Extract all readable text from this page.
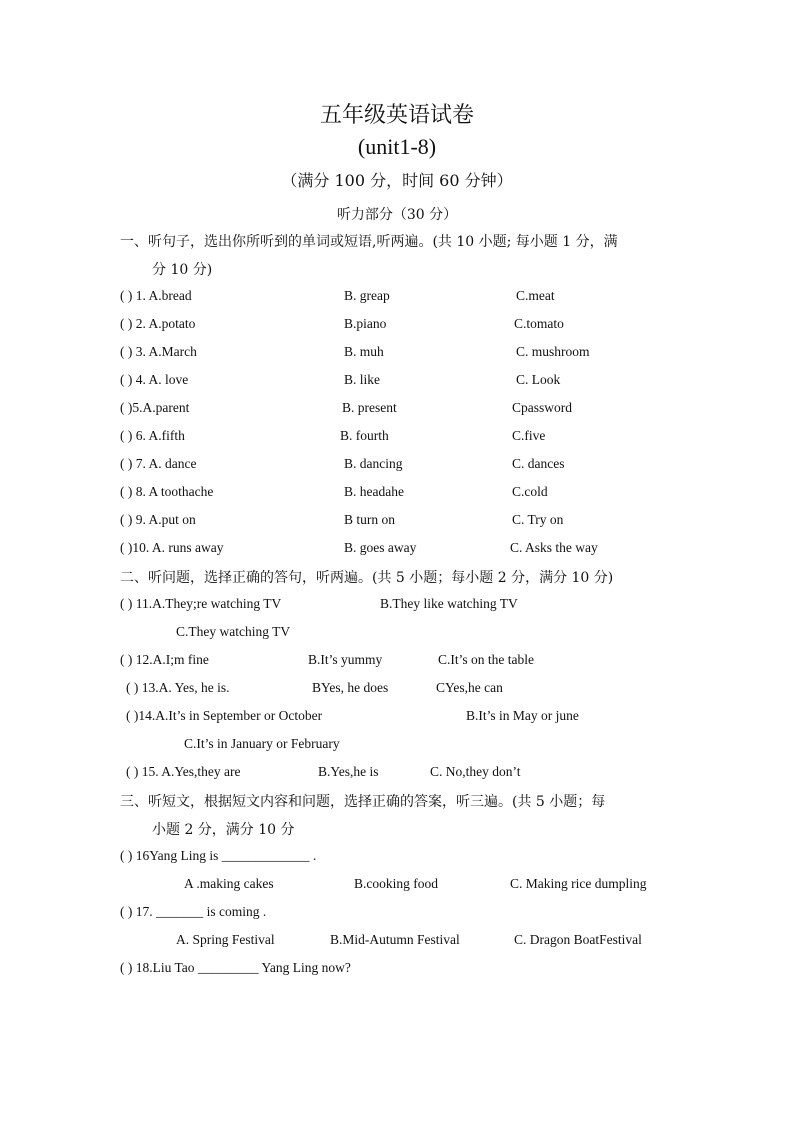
五年级英语试卷
(unit1-8)
（满分 100 分，时间 60 分钟）
听力部分（30 分）
一、听句子，选出你所听到的单词或短语,听两遍。(共 10 小题; 每小题 1 分，满
分 10 分)
( ) 1. A.bread	B. greap	C.meat
( ) 2. A.potato	B.piano	C.tomato
( ) 3. A.March	B. muh	C. mushroom
( ) 4. A. love	B. like	C. Look
( )5.A.parent	B. present	Cpassword
( ) 6. A.fifth	B. fourth	C.five
( ) 7. A. dance	B. dancing	C. dances
( ) 8. A toothache	B. headahe	C.cold
( ) 9. A.put on	B turn on	C. Try on
( )10. A. runs away	B. goes away	C. Asks the way
二、听问题，选择正确的答句，听两遍。(共 5 小题；每小题 2 分，满分 10 分)
( ) 11.A.They;re watching TV	B.They like watching TV
C.They watching TV
( ) 12.A.I;m fine	B.It’s yummy	C.It’s on the table
( ) 13.A. Yes, he is.	BYes, he does	CYes,he can
( )14.A.It’s in September or October	B.It’s in May or june
C.It’s in January or February
( ) 15. A.Yes,they are	B.Yes,he is	C. No,they don’t
三、听短文，根据短文内容和问题，选择正确的答案，听三遍。(共 5 小题；每
小题 2 分，满分 10 分
( ) 16Yang Ling is _____________ .
A .making cakes	B.cooking food	C. Making rice dumpling
( ) 17. _______ is coming .
A. Spring Festival	B.Mid-Autumn Festival	C. Dragon BoatFestival
( ) 18.Liu Tao _________ Yang Ling now?
